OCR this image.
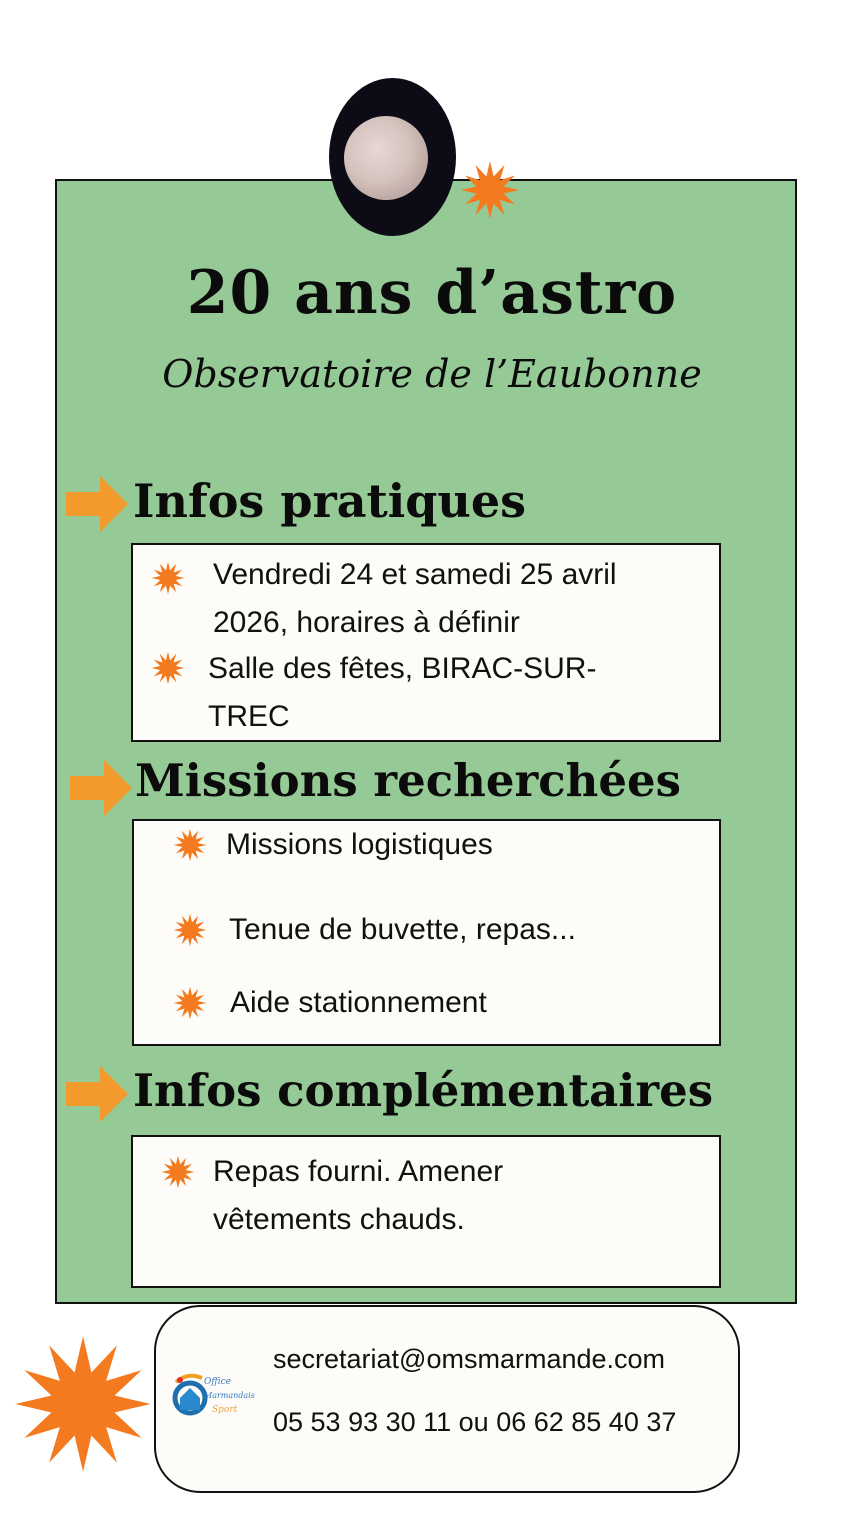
20 ans d’astro
Observatoire de l’Eaubonne
Infos pratiques
Vendredi 24 et samedi 25 avril
2026, horaires à définir
Salle des fêtes, BIRAC-SUR-
TREC
Missions recherchées
Missions logistiques
Tenue de buvette, repas...
Aide stationnement
Infos complémentaires
Repas fourni. Amener
vêtements chauds.
Office
Marmandais
Sport
secretariat@omsmarmande.com
05 53 93 30 11 ou 06 62 85 40 37
